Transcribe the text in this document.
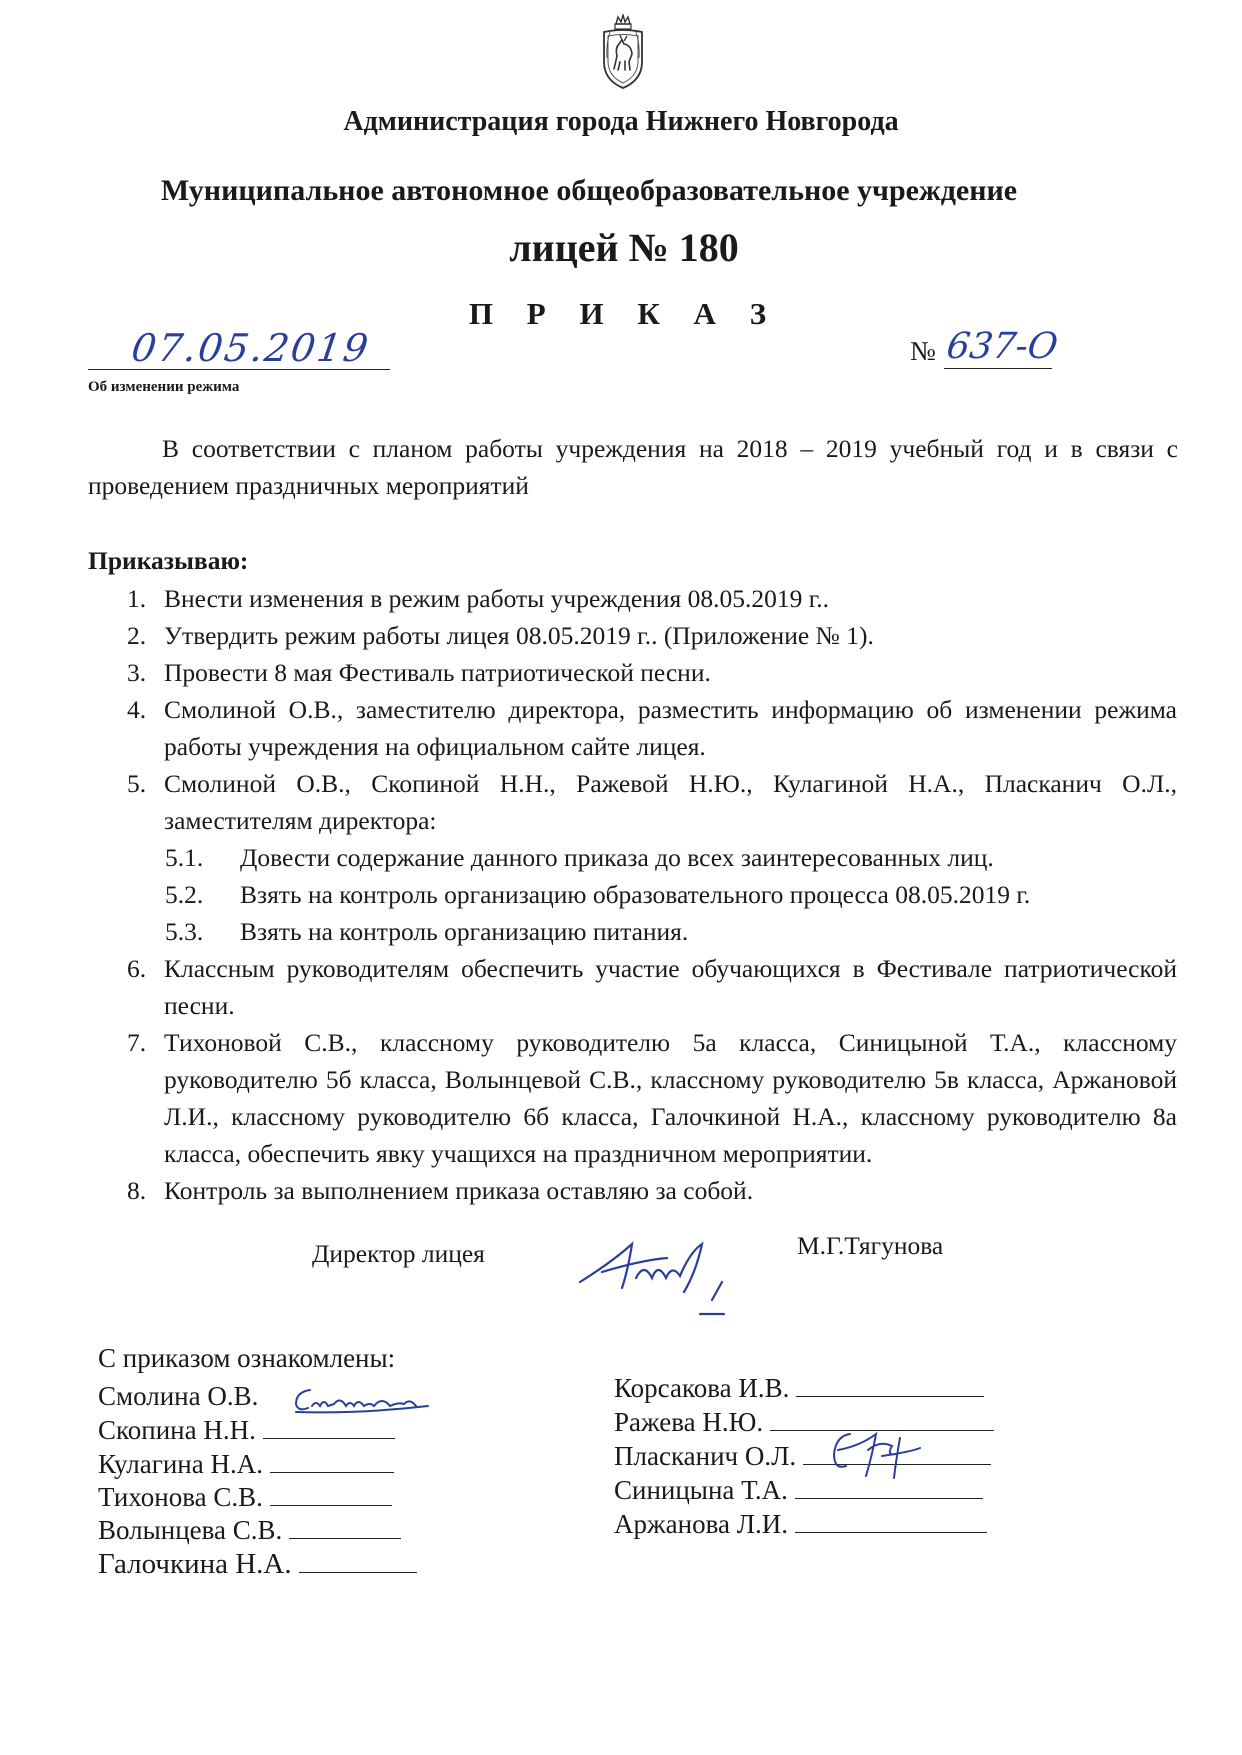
Администрация города Нижнего Новгорода
Муниципальное автономное общеобразовательное учреждение
лицей № 180
П Р И К А З
07.05.2019
Об изменении режима
№ 637-О
В соответствии с планом работы учреждения на 2018 – 2019 учебный год и в связи с проведением праздничных мероприятий
Приказываю:
1. Внести изменения в режим работы учреждения 08.05.2019 г..
2. Утвердить режим работы лицея 08.05.2019 г.. (Приложение № 1).
3. Провести 8 мая Фестиваль патриотической песни.
4. Смолиной О.В., заместителю директора, разместить информацию об изменении режима работы учреждения на официальном сайте лицея.
5. Смолиной О.В., Скопиной Н.Н., Ражевой Н.Ю., Кулагиной Н.А., Пласканич О.Л., заместителям директора:
5.1. Довести содержание данного приказа до всех заинтересованных лиц.
5.2. Взять на контроль организацию образовательного процесса 08.05.2019 г.
5.3. Взять на контроль организацию питания.
6. Классным руководителям обеспечить участие обучающихся в Фестивале патриотической песни.
7. Тихоновой С.В., классному руководителю 5а класса, Синицыной Т.А., классному руководителю 5б класса, Волынцевой С.В., классному руководителю 5в класса, Аржановой Л.И., классному руководителю 6б класса, Галочкиной Н.А., классному руководителю 8а класса, обеспечить явку учащихся на праздничном мероприятии.
8. Контроль за выполнением приказа оставляю за собой.
Директор лицея	М.Г.Тягунова
С приказом ознакомлены:
Смолина О.В.
Скопина Н.Н.
Кулагина Н.А.
Тихонова С.В.
Волынцева С.В.
Галочкина Н.А.
Корсакова И.В.
Ражева Н.Ю.
Пласканич О.Л.
Синицына Т.А.
Аржанова Л.И.
